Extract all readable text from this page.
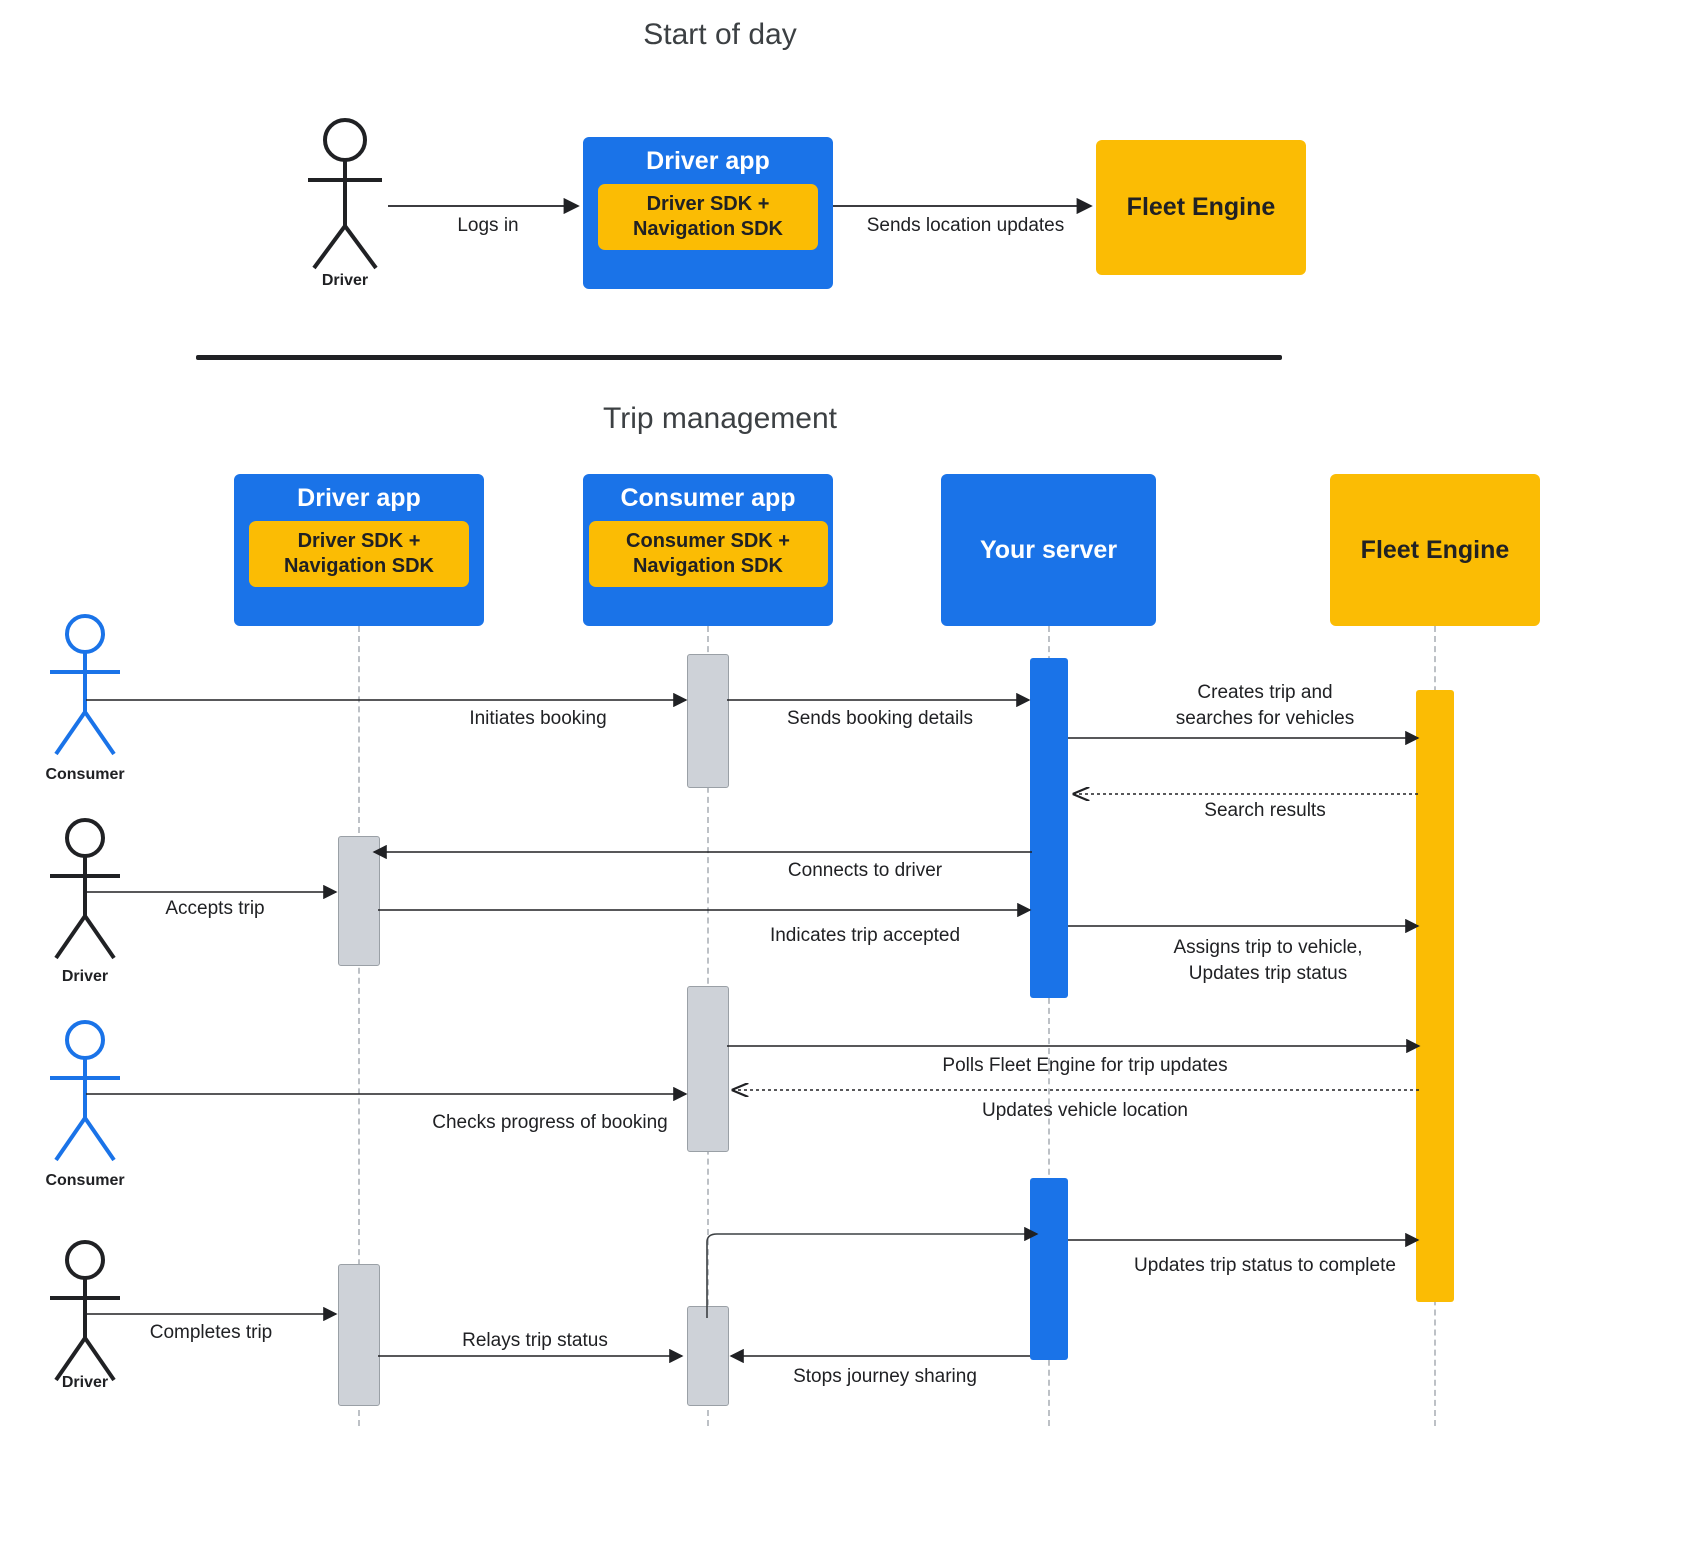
Start of day
Driver
Logs in
Driver app
Driver SDK +
Navigation SDK	Sends location updates
Fleet Engine
Trip management
Driver app
Driver SDK +
Navigation SDK
Consumer app
Consumer SDK +
Navigation SDK
Your server	Fleet Engine
Consumer
Driver
Consumer
Driver
Initiates booking	Sends booking details
Creates trip and
searches for vehicles
Search results
Connects to driver
Accepts trip
Indicates trip accepted
Assigns trip to vehicle,
Updates trip status
Polls Fleet Engine for trip updates
Updates vehicle location
Checks progress of booking
Updates trip status to complete
Completes trip	Relays trip status
Stops journey sharing
